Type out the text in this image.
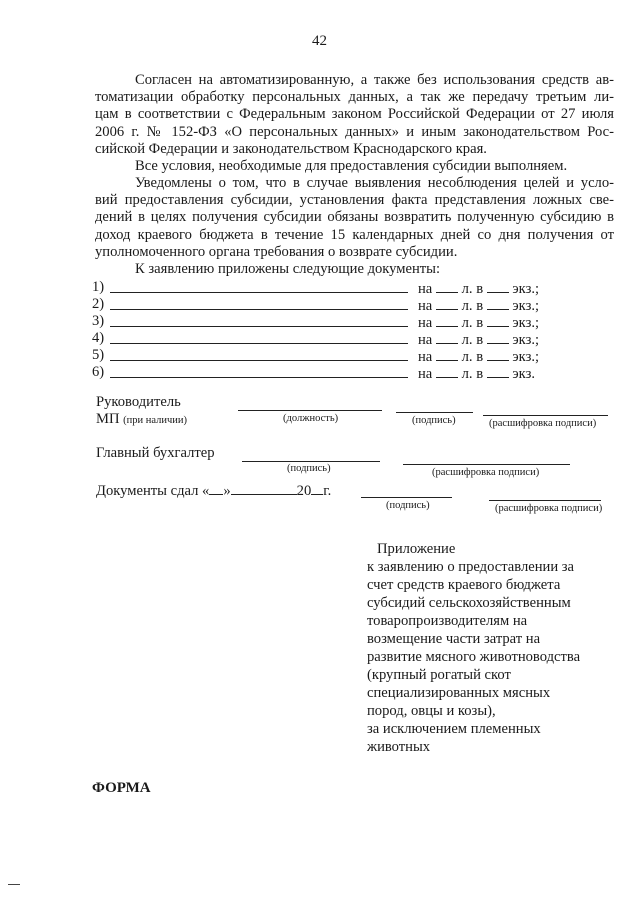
42
Согласен на автоматизированную, а также без использования средств ав-
томатизации обработку персональных данных, а так же передачу третьим ли-
цам в соответствии с Федеральным законом Российской Федерации от 27 июля
2006 г. № 152-ФЗ «О персональных данных» и иным законодательством Рос-
сийской Федерации и законодательством Краснодарского края.
Все условия, необходимые для предоставления субсидии выполняем.
Уведомлены о том, что в случае выявления несоблюдения целей и усло-
вий предоставления субсидии, установления факта представления ложных све-
дений в целях получения субсидии обязаны возвратить полученную субсидию в
доход краевого бюджета в течение 15 календарных дней со дня получения от
уполномоченного органа требования о возврате субсидии.
К заявлению приложены следующие документы:
1)	на л. в экз.;
2)	на л. в экз.;
3)	на л. в экз.;
4)	на л. в экз.;
5)	на л. в экз.;
6)	на л. в экз.
Руководитель
МП (при наличии)	(должность)	(подпись)	(расшифровка подписи)
Главный бухгалтер
(подпись)	(расшифровка подписи)
Документы сдал « »	20 г.
(подпись)	(расшифровка подписи)
Приложение
к заявлению о предоставлении за
счет средств краевого бюджета
субсидий сельскохозяйственным
товаропроизводителям на
возмещение части затрат на
развитие мясного животноводства
(крупный рогатый скот
специализированных мясных
пород, овцы и козы),
за исключением племенных
животных
ФОРМА
